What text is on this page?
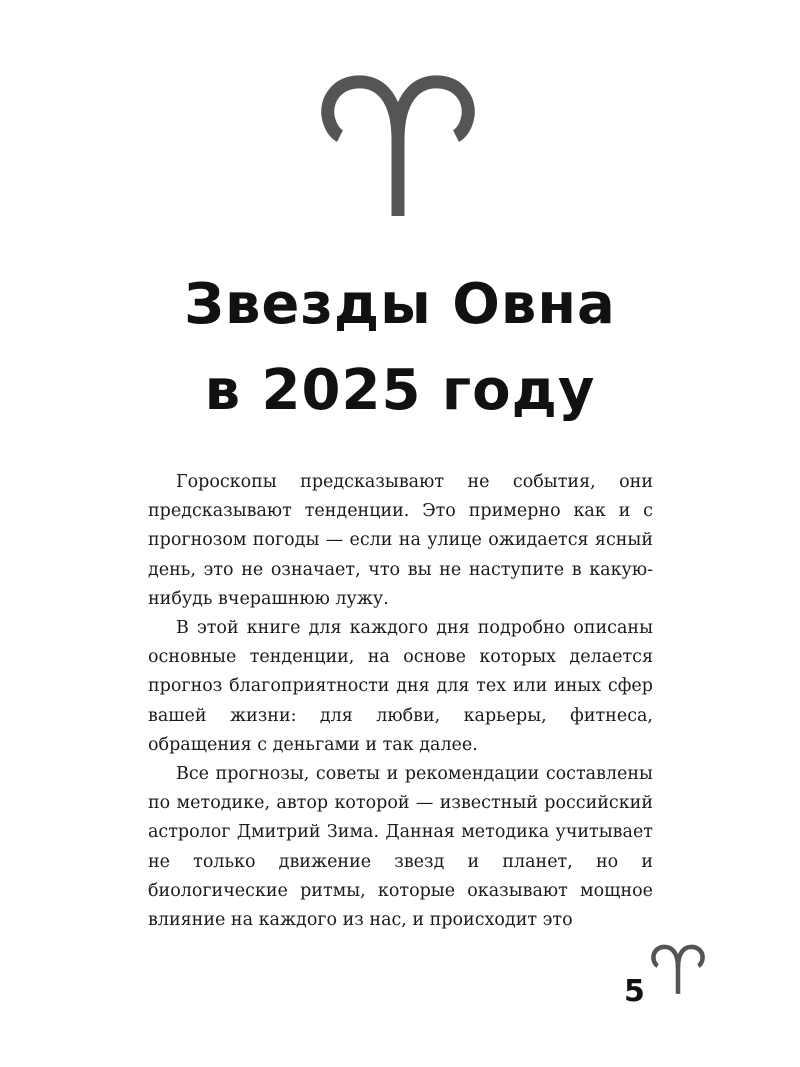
Звезды Овна
в 2025 году

Гороскопы предсказывают не события, они предсказывают тенденции. Это примерно как и с прогнозом погоды — если на улице ожидается ясный день, это не означает, что вы не наступите в какую-нибудь вчерашнюю лужу.

В этой книге для каждого дня подробно описаны основные тенденции, на основе которых делается прогноз благоприятности дня для тех или иных сфер вашей жизни: для любви, карьеры, фитнеса, обращения с деньгами и так далее.

Все прогнозы, советы и рекомендации составлены по методике, автор которой — известный российский астролог Дмитрий Зима. Данная методика учитывает не только движение звезд и планет, но и биологические ритмы, которые оказывают мощное влияние на каждого из нас, и происходит это

5
